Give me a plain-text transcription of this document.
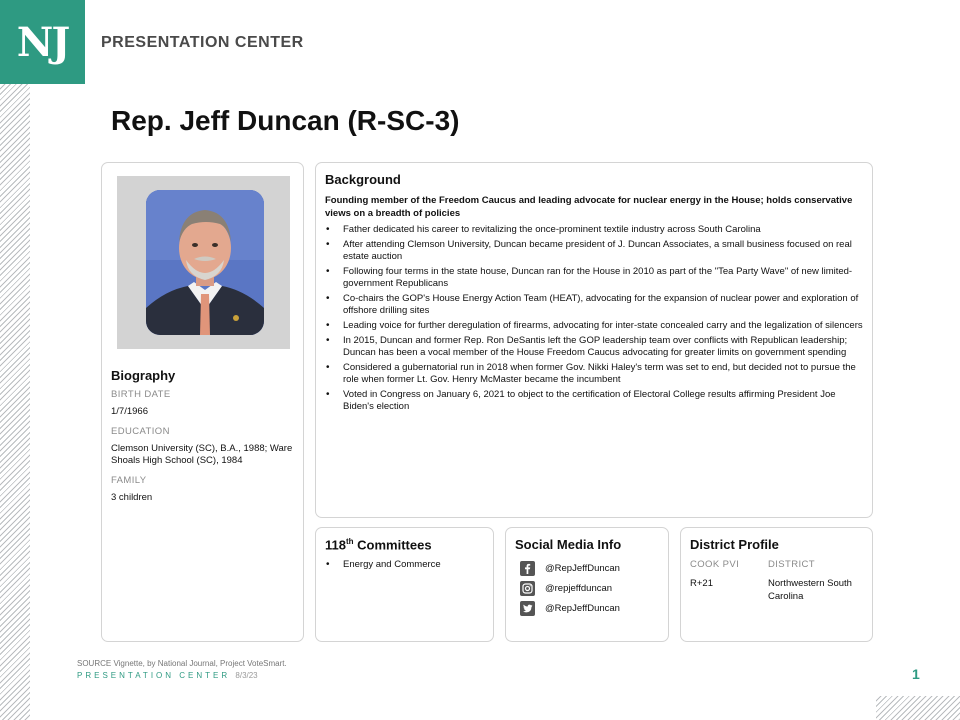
NJ PRESENTATION CENTER
Rep. Jeff Duncan (R-SC-3)
Biography
BIRTH DATE
1/7/1966
EDUCATION
Clemson University (SC), B.A., 1988; Ware Shoals High School (SC), 1984
FAMILY
3 children
Background
Founding member of the Freedom Caucus and leading advocate for nuclear energy in the House; holds conservative views on a breadth of policies
• Father dedicated his career to revitalizing the once-prominent textile industry across South Carolina
• After attending Clemson University, Duncan became president of J. Duncan Associates, a small business focused on real estate auction
• Following four terms in the state house, Duncan ran for the House in 2010 as part of the "Tea Party Wave" of new limited-government Republicans
• Co-chairs the GOP's House Energy Action Team (HEAT), advocating for the expansion of nuclear power and exploration of offshore drilling sites
• Leading voice for further deregulation of firearms, advocating for inter-state concealed carry and the legalization of silencers
• In 2015, Duncan and former Rep. Ron DeSantis left the GOP leadership team over conflicts with Republican leadership; Duncan has been a vocal member of the House Freedom Caucus advocating for greater limits on government spending
• Considered a gubernatorial run in 2018 when former Gov. Nikki Haley's term was set to end, but decided not to pursue the role when former Lt. Gov. Henry McMaster became the incumbent
• Voted in Congress on January 6, 2021 to object to the certification of Electoral College results affirming President Joe Biden's election
118th Committees
• Energy and Commerce
Social Media Info
@RepJeffDuncan
@repjeffduncan
@RepJeffDuncan
District Profile
COOK PVI	DISTRICT
R+21	Northwestern South Carolina
SOURCE Vignette, by National Journal, Project VoteSmart.
PRESENTATION CENTER 8/3/23	1
